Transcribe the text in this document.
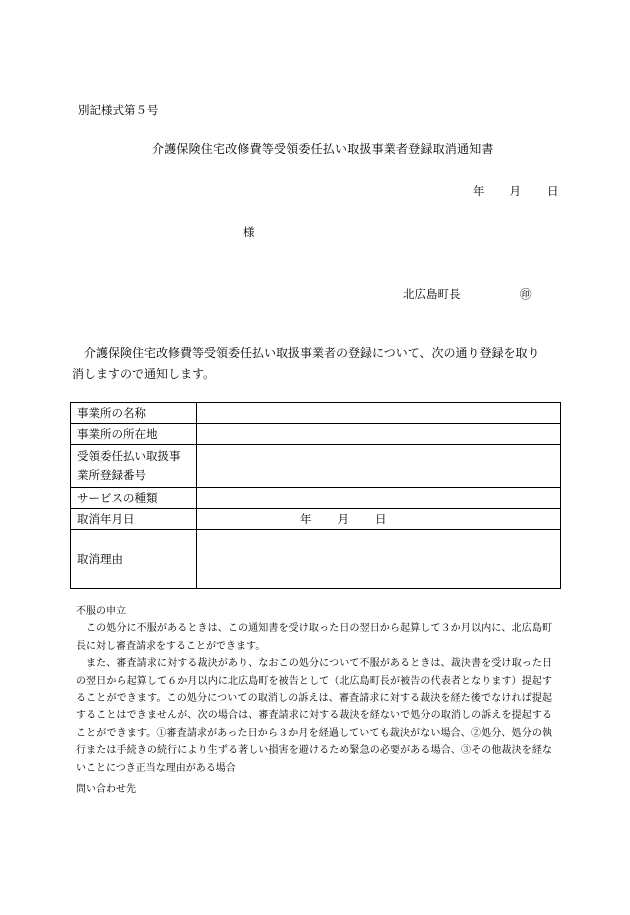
別記様式第５号
介護保険住宅改修費等受領委任払い取扱事業者登録取消通知書
年 月 日
様
北広島町長	㊞
介護保険住宅改修費等受領委任払い取扱事業者の登録について、次の通り登録を取り消しますので通知します。
事業所の名称	
事業所の所在地	
受領委任払い取扱事業所登録番号	
サービスの種類	
取消年月日	年 月 日
取消理由	
不服の申立

この処分に不服があるときは、この通知書を受け取った日の翌日から起算して３か月以内に、北広島町長に対し審査請求をすることができます。

また、審査請求に対する裁決があり、なおこの処分について不服があるときは、裁決書を受け取った日の翌日から起算して６か月以内に北広島町を被告として（北広島町長が被告の代表者となります）提起することができます。この処分についての取消しの訴えは、審査請求に対する裁決を経た後でなければ提起することはできませんが、次の場合は、審査請求に対する裁決を経ないで処分の取消しの訴えを提起することができます。①審査請求があった日から３か月を経過していても裁決がない場合、②処分、処分の執行または手続きの続行により生ずる著しい損害を避けるため緊急の必要がある場合、③その他裁決を経ないことにつき正当な理由がある場合

問い合わせ先
